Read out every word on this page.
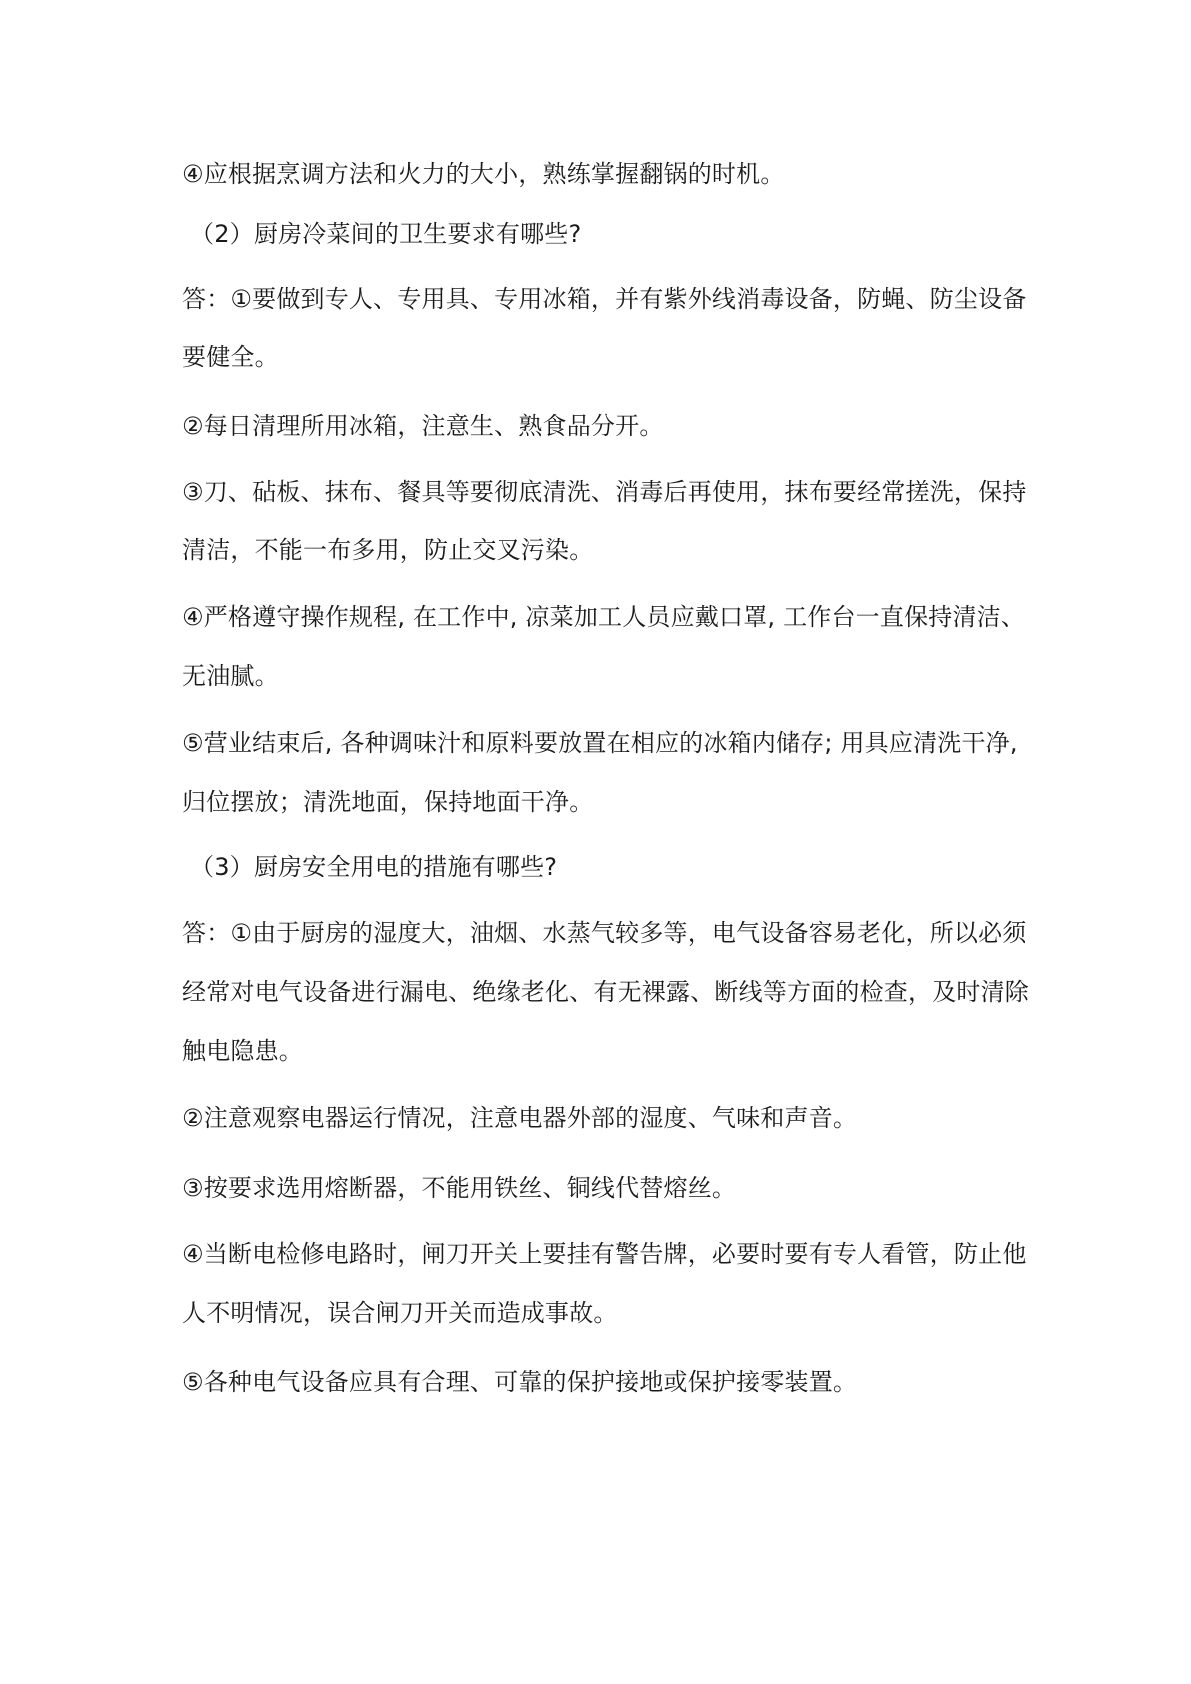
④应根据烹调方法和火力的大小，熟练掌握翻锅的时机。
（2）厨房冷菜间的卫生要求有哪些?
答：①要做到专人、专用具、专用冰箱，并有紫外线消毒设备，防蝇、防尘设备
要健全。
②每日清理所用冰箱，注意生、熟食品分开。
③刀、砧板、抹布、餐具等要彻底清洗、消毒后再使用，抹布要经常搓洗，保持
清洁，不能一布多用，防止交叉污染。
④严格遵守操作规程, 在工作中, 凉菜加工人员应戴口罩, 工作台一直保持清洁、
无油腻。
⑤营业结束后, 各种调味汁和原料要放置在相应的冰箱内储存; 用具应清洗干净,
归位摆放；清洗地面，保持地面干净。
（3）厨房安全用电的措施有哪些?
答：①由于厨房的湿度大，油烟、水蒸气较多等，电气设备容易老化，所以必须
经常对电气设备进行漏电、绝缘老化、有无裸露、断线等方面的检查，及时清除
触电隐患。
②注意观察电器运行情况，注意电器外部的湿度、气味和声音。
③按要求选用熔断器，不能用铁丝、铜线代替熔丝。
④当断电检修电路时，闸刀开关上要挂有警告牌，必要时要有专人看管，防止他
人不明情况，误合闸刀开关而造成事故。
⑤各种电气设备应具有合理、可靠的保护接地或保护接零装置。
